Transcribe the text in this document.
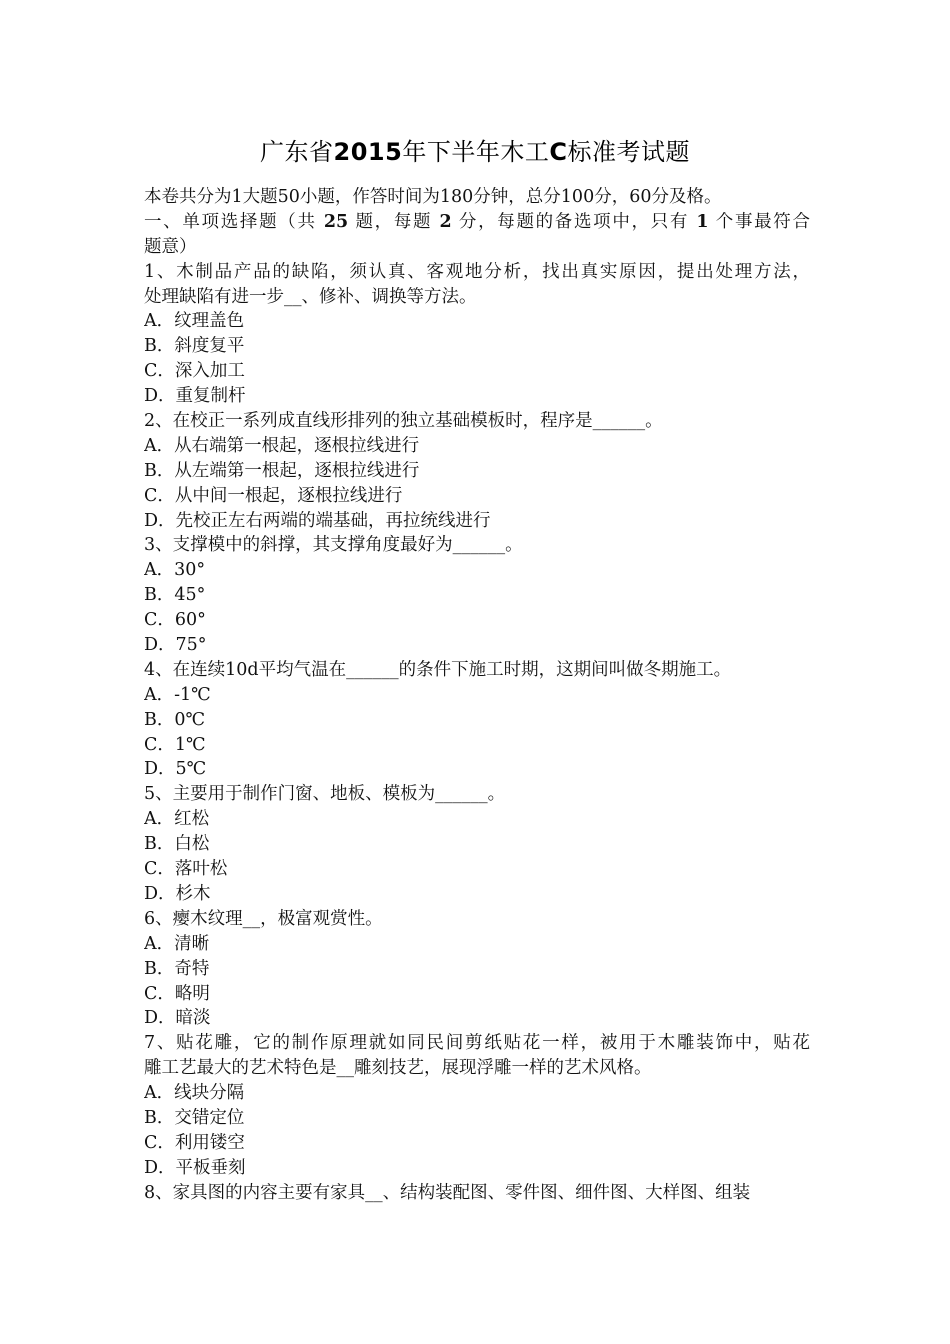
广东省2015年下半年木工C标准考试题
本卷共分为1大题50小题，作答时间为180分钟，总分100分，60分及格。
一、单项选择题（共 25 题，每题 2 分，每题的备选项中，只有 1 个事最符合
题意）
1、木制品产品的缺陷，须认真、客观地分析，找出真实原因，提出处理方法，
处理缺陷有进一步__、修补、调换等方法。
A．纹理盖色
B．斜度复平
C．深入加工
D．重复制杆
2、在校正一系列成直线形排列的独立基础模板时，程序是______。
A．从右端第一根起，逐根拉线进行
B．从左端第一根起，逐根拉线进行
C．从中间一根起，逐根拉线进行
D．先校正左右两端的端基础，再拉统线进行
3、支撑模中的斜撑，其支撑角度最好为______。
A．30°
B．45°
C．60°
D．75°
4、在连续10d平均气温在______的条件下施工时期，这期间叫做冬期施工。
A．-1℃
B．0℃
C．1℃
D．5℃
5、主要用于制作门窗、地板、模板为______。
A．红松
B．白松
C．落叶松
D．杉木
6、瘿木纹理__，极富观赏性。
A．清晰
B．奇特
C．略明
D．暗淡
7、贴花雕，它的制作原理就如同民间剪纸贴花一样，被用于木雕装饰中，贴花
雕工艺最大的艺术特色是__雕刻技艺，展现浮雕一样的艺术风格。
A．线块分隔
B．交错定位
C．利用镂空
D．平板垂刻
8、家具图的内容主要有家具__、结构装配图、零件图、细件图、大样图、组装
